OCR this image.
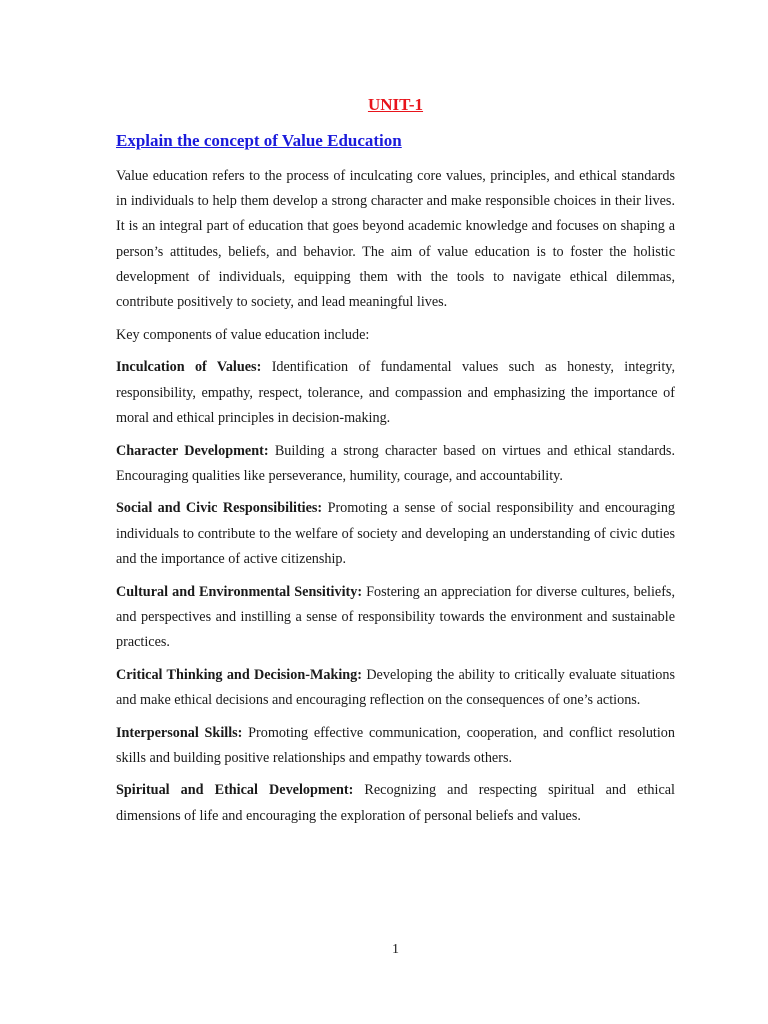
UNIT-1
Explain the concept of Value Education

Value education refers to the process of inculcating core values, principles, and ethical standards in individuals to help them develop a strong character and make responsible choices in their lives. It is an integral part of education that goes beyond academic knowledge and focuses on shaping a person’s attitudes, beliefs, and behavior. The aim of value education is to foster the holistic development of individuals, equipping them with the tools to navigate ethical dilemmas, contribute positively to society, and lead meaningful lives.

Key components of value education include:

Inculcation of Values: Identification of fundamental values such as honesty, integrity, responsibility, empathy, respect, tolerance, and compassion and emphasizing the importance of moral and ethical principles in decision-making.

Character Development: Building a strong character based on virtues and ethical standards. Encouraging qualities like perseverance, humility, courage, and accountability.

Social and Civic Responsibilities: Promoting a sense of social responsibility and encouraging individuals to contribute to the welfare of society and developing an understanding of civic duties and the importance of active citizenship.

Cultural and Environmental Sensitivity: Fostering an appreciation for diverse cultures, beliefs, and perspectives and instilling a sense of responsibility towards the environment and sustainable practices.

Critical Thinking and Decision-Making: Developing the ability to critically evaluate situations and make ethical decisions and encouraging reflection on the consequences of one’s actions.

Interpersonal Skills: Promoting effective communication, cooperation, and conflict resolution skills and building positive relationships and empathy towards others.

Spiritual and Ethical Development: Recognizing and respecting spiritual and ethical dimensions of life and encouraging the exploration of personal beliefs and values.

1
